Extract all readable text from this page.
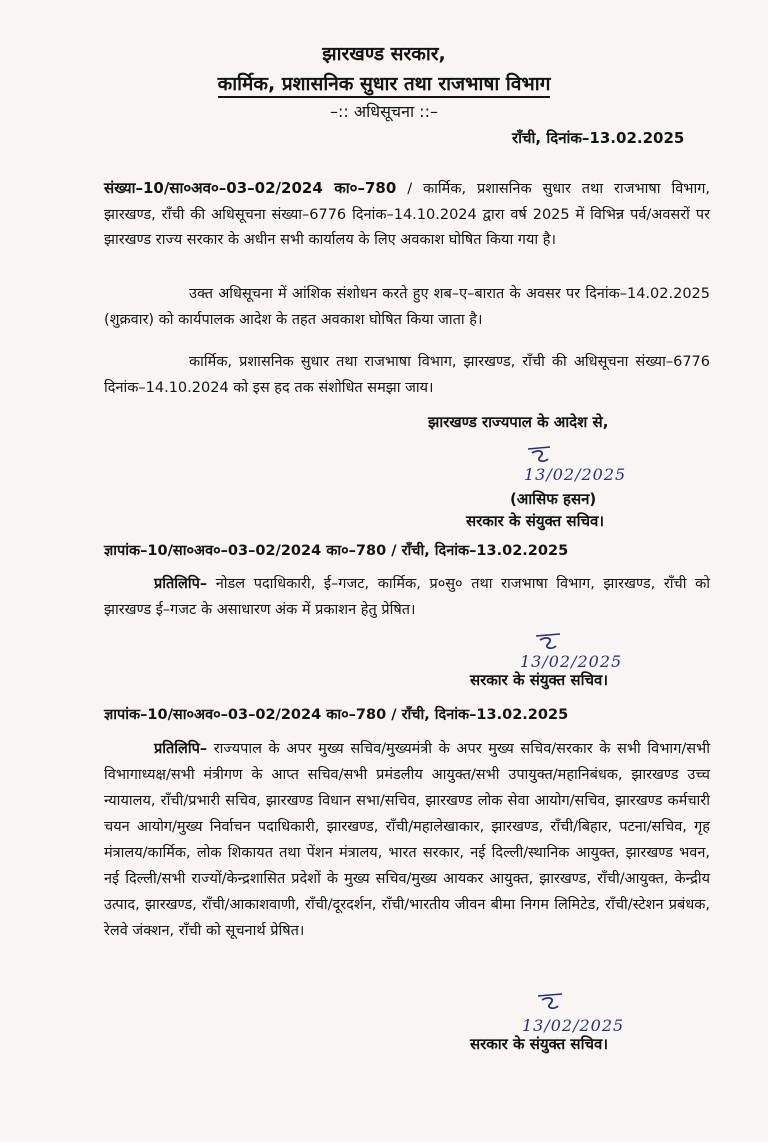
झारखण्ड सरकार,
कार्मिक, प्रशासनिक सुधार तथा राजभाषा विभाग
–:: अधिसूचना ::–
राँची, दिनांक–13.02.2025
संख्या–10/सा०अव०–03–02/2024 का०–780 / कार्मिक, प्रशासनिक सुधार तथा राजभाषा विभाग, झारखण्ड, राँची की अधिसूचना संख्या–6776 दिनांक–14.10.2024 द्वारा वर्ष 2025 में विभिन्न पर्व/अवसरों पर झारखण्ड राज्य सरकार के अधीन सभी कार्यालय के लिए अवकाश घोषित किया गया है।
उक्त अधिसूचना में आंशिक संशोधन करते हुए शब–ए–बारात के अवसर पर दिनांक–14.02.2025 (शुक्रवार) को कार्यपालक आदेश के तहत अवकाश घोषित किया जाता है।
कार्मिक, प्रशासनिक सुधार तथा राजभाषा विभाग, झारखण्ड, राँची की अधिसूचना संख्या–6776 दिनांक–14.10.2024 को इस हद तक संशोधित समझा जाय।
झारखण्ड राज्यपाल के आदेश से,
13/02/2025
(आसिफ हसन)
सरकार के संयुक्त सचिव।
ज्ञापांक–10/सा०अव०–03–02/2024 का०–780 / राँची, दिनांक–13.02.2025
प्रतिलिपि– नोडल पदाधिकारी, ई–गजट, कार्मिक, प्र०सु० तथा राजभाषा विभाग, झारखण्ड, राँची को झारखण्ड ई–गजट के असाधारण अंक में प्रकाशन हेतु प्रेषित।
13/02/2025
सरकार के संयुक्त सचिव।
ज्ञापांक–10/सा०अव०–03–02/2024 का०–780 / राँची, दिनांक–13.02.2025
प्रतिलिपि– राज्यपाल के अपर मुख्य सचिव/मुख्यमंत्री के अपर मुख्य सचिव/सरकार के सभी विभाग/सभी विभागाध्यक्ष/सभी मंत्रीगण के आप्त सचिव/सभी प्रमंडलीय आयुक्त/सभी उपायुक्त/महानिबंधक, झारखण्ड उच्च न्यायालय, राँची/प्रभारी सचिव, झारखण्ड विधान सभा/सचिव, झारखण्ड लोक सेवा आयोग/सचिव, झारखण्ड कर्मचारी चयन आयोग/मुख्य निर्वाचन पदाधिकारी, झारखण्ड, राँची/महालेखाकार, झारखण्ड, राँची/बिहार, पटना/सचिव, गृह मंत्रालय/कार्मिक, लोक शिकायत तथा पेंशन मंत्रालय, भारत सरकार, नई दिल्ली/स्थानिक आयुक्त, झारखण्ड भवन, नई दिल्ली/सभी राज्यों/केन्द्रशासित प्रदेशों के मुख्य सचिव/मुख्य आयकर आयुक्त, झारखण्ड, राँची/आयुक्त, केन्द्रीय उत्पाद, झारखण्ड, राँची/आकाशवाणी, राँची/दूरदर्शन, राँची/भारतीय जीवन बीमा निगम लिमिटेड, राँची/स्टेशन प्रबंधक, रेलवे जंक्शन, राँची को सूचनार्थ प्रेषित।
13/02/2025
सरकार के संयुक्त सचिव।
